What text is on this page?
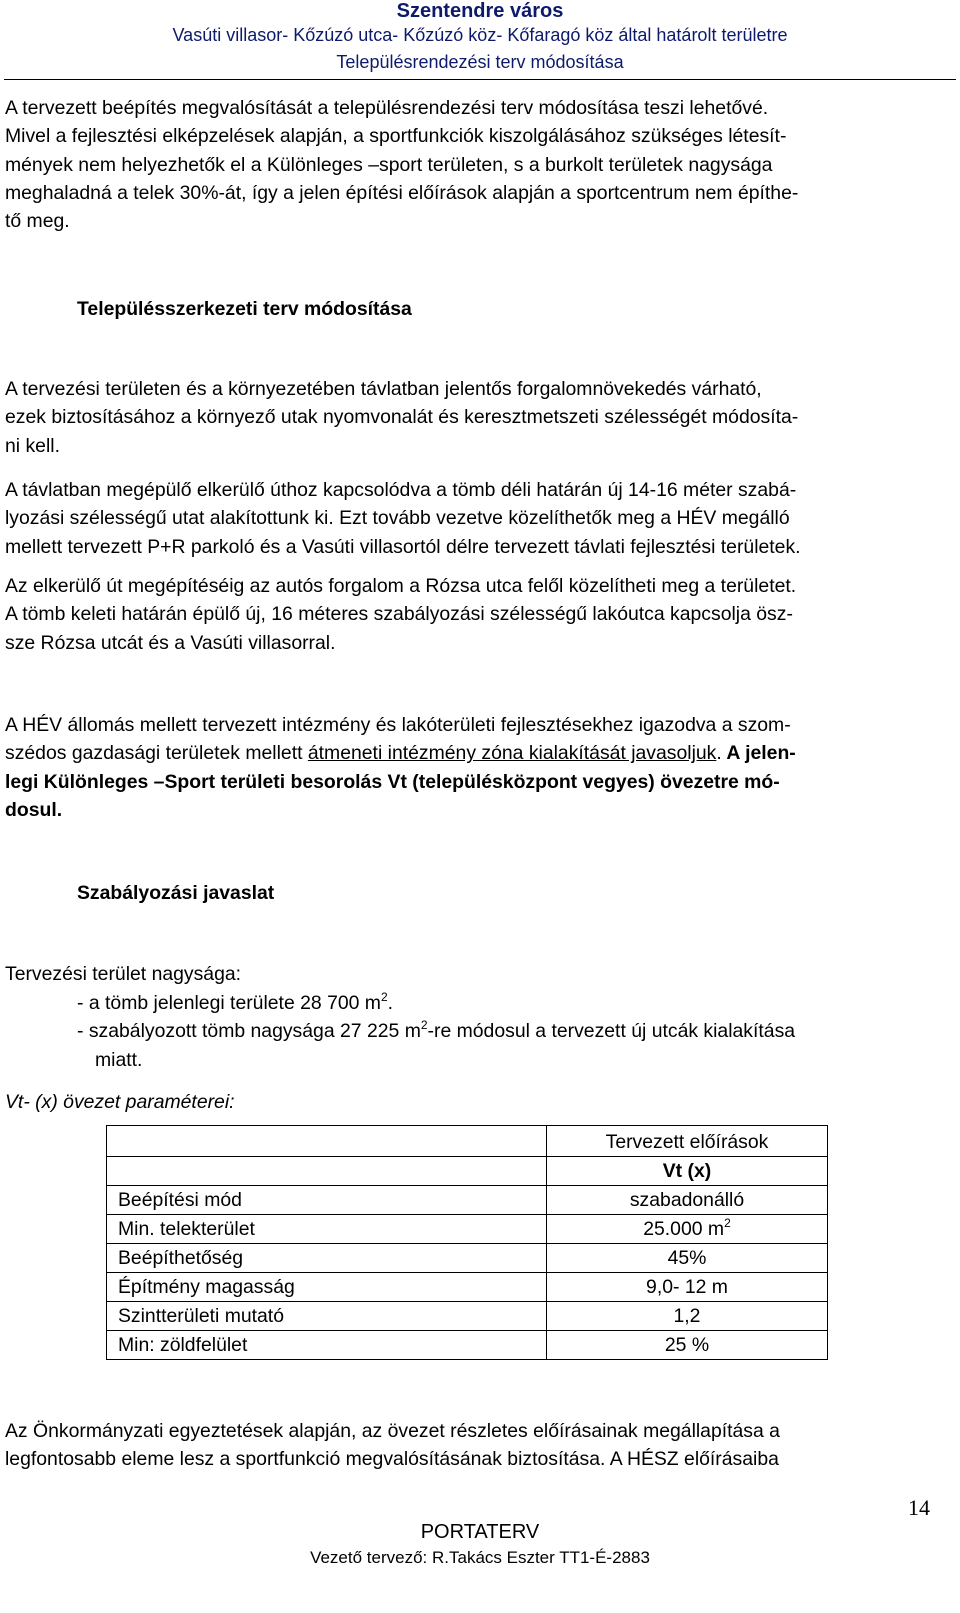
Szentendre város
Vasúti villasor- Kőzúzó utca- Kőzúzó köz- Kőfaragó köz által határolt területre
Településrendezési terv módosítása
A tervezett beépítés megvalósítását a településrendezési terv módosítása teszi lehetővé.
Mivel a fejlesztési elképzelések alapján, a sportfunkciók kiszolgálásához szükséges létesít-
mények nem helyezhetők el a Különleges –sport területen, s a burkolt területek nagysága
meghaladná a telek 30%-át, így a jelen építési előírások alapján a sportcentrum nem építhe-
tő meg.
Településszerkezeti terv módosítása
A tervezési területen és a környezetében távlatban jelentős forgalomnövekedés várható,
ezek biztosításához a környező utak nyomvonalát és keresztmetszeti szélességét módosíta-
ni kell.
A távlatban megépülő elkerülő úthoz kapcsolódva a tömb déli határán új 14-16 méter szabá-
lyozási szélességű utat alakítottunk ki. Ezt tovább vezetve közelíthetők meg a HÉV megálló
mellett tervezett P+R parkoló és a Vasúti villasortól délre tervezett távlati fejlesztési területek.
Az elkerülő út megépítéséig az autós forgalom a Rózsa utca felől közelítheti meg a területet.
A tömb keleti határán épülő új, 16 méteres szabályozási szélességű lakóutca kapcsolja ösz-
sze Rózsa utcát és a Vasúti villasorral.
A HÉV állomás mellett tervezett intézmény és lakóterületi fejlesztésekhez igazodva a szom-
szédos gazdasági területek mellett átmeneti intézmény zóna kialakítását javasoljuk. A jelen-
legi Különleges –Sport területi besorolás Vt (településközpont vegyes) övezetre mó-
dosul.
Szabályozási javaslat
Tervezési terület nagysága:
- a tömb jelenlegi területe 28 700 $m^2$.
- szabályozott tömb nagysága 27 225 $m^2-re$ módosul a tervezett új utcák kialakítása
miatt.
Vt- (x) övezet paraméterei:
	Tervezett előírások
	Vt (x)
Beépítési mód	szabadonálló
Min. telekterület	25.000 $m^2$
Beépíthetőség	45%
Építmény magasság	9,0- 12 m
Szintterületi mutató	1,2
Min: zöldfelület	25 %
Az Önkormányzati egyeztetések alapján, az övezet részletes előírásainak megállapítása a
legfontosabb eleme lesz a sportfunkció megvalósításának biztosítása. A HÉSZ előírásaiba
14
PORTATERV
Vezető tervező: R.Takács Eszter TT1-É-2883
